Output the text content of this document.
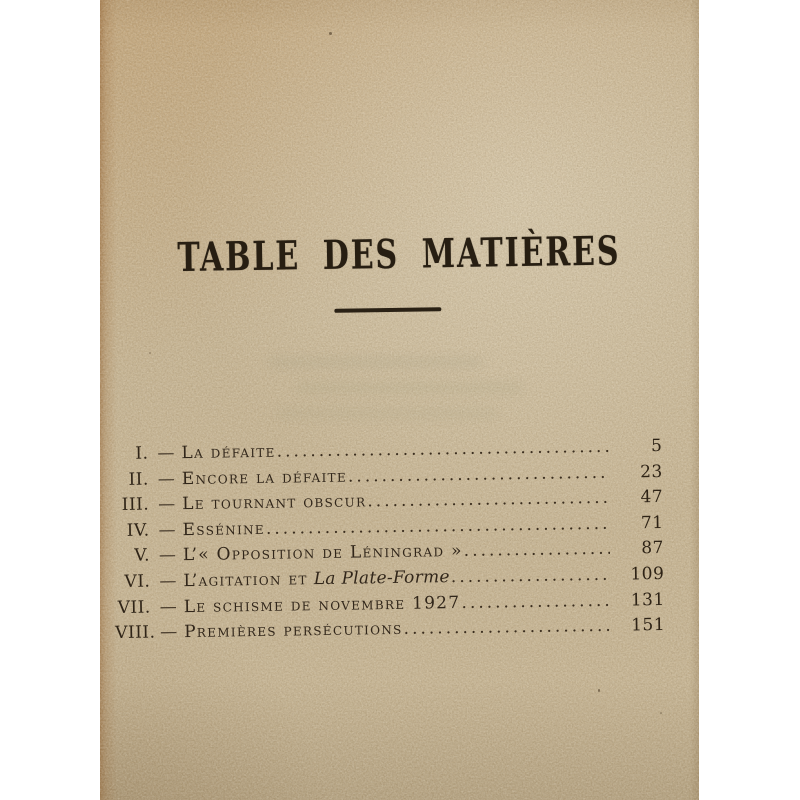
TABLE DES MATIÈRES
I. — La défaite .....	5
II. — Encore la défaite .....	23
III. — Le tournant obscur .....	47
IV. — Essénine .....	71
V. — L’« Opposition de Léningrad » .....	87
VI. — L’agitation et La Plate-Forme .....	109
VII. — Le schisme de novembre 1927 .....	131
VIII. — Premières persécutions .....	151
